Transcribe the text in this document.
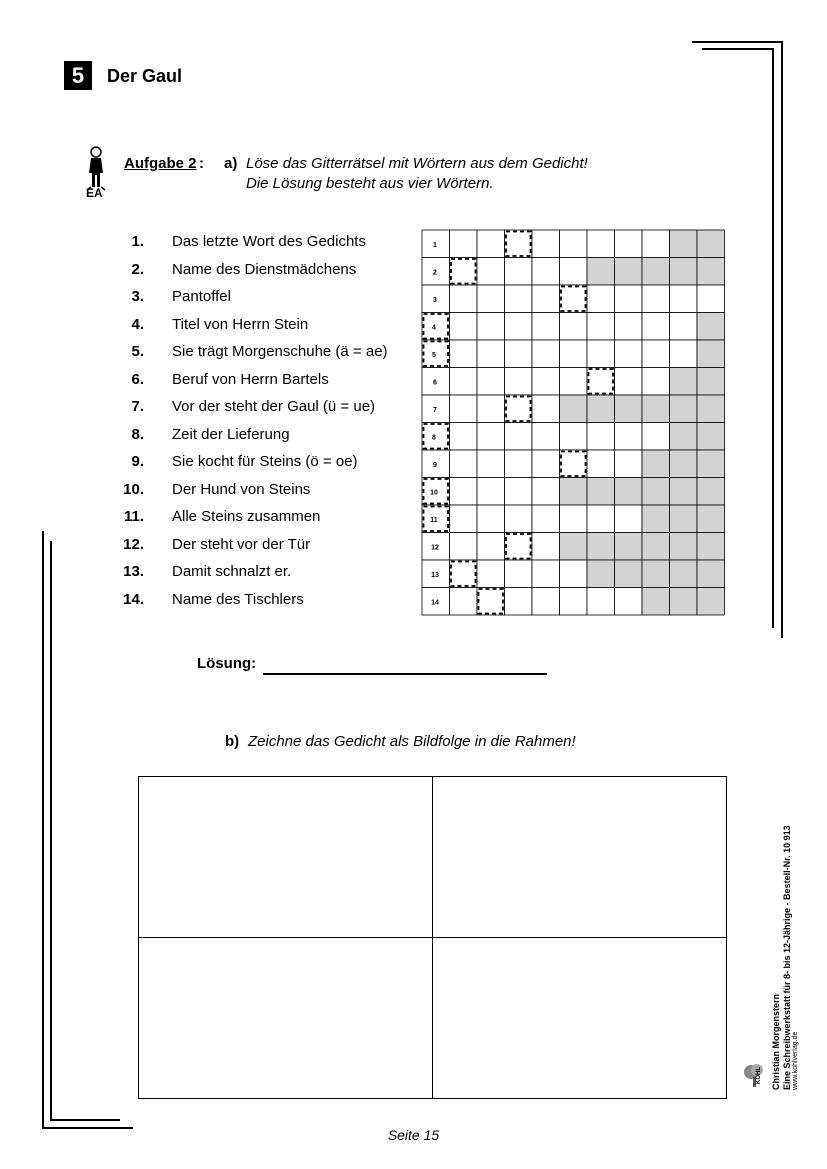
5	Der Gaul
EA
Aufgabe 2 : a) Löse das Gitterrätsel mit Wörtern aus dem Gedicht!
Die Lösung besteht aus vier Wörtern.
1. Das letzte Wort des Gedichts
2. Name des Dienstmädchens
3. Pantoffel
4. Titel von Herrn Stein
5. Sie trägt Morgenschuhe (ä = ae)
6. Beruf von Herrn Bartels
7. Vor der steht der Gaul (ü = ue)
8. Zeit der Lieferung
9. Sie kocht für Steins (ö = oe)
10. Der Hund von Steins
11. Alle Steins zusammen
12. Der steht vor der Tür
13. Damit schnalzt er.
14. Name des Tischlers
1
2
3
4
5
6
7
8
9
10
11
12
13
14
Lösung:
b) Zeichne das Gedicht als Bildfolge in die Rahmen!
KOHL Christian Morgenstern Eine Schreibwerkstatt für 8- bis 12-Jährige - Bestell-Nr. 10 913 www.kohlverlag.de
Seite 15
